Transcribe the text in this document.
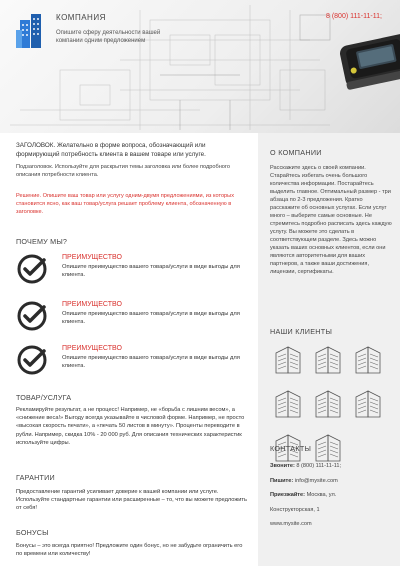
КОМПАНИЯ
Опишите сферу деятельности вашей компании одним предложением
8 (800) 111-11-11;
ЗАГОЛОВОК. Желательно в форме вопроса, обозначающий или формирующий потребность клиента в вашем товаре или услуге.
Подзаголовок. Используйте для раскрытия темы заголовка или более подробного описания потребности клиента.
Решение. Опишите ваш товар или услугу одним-двумя предложениями, из которых становится ясно, как ваш товар/услуга решает проблему клиента, обозначенную в заголовке.
ПОЧЕМУ МЫ?
ПРЕИМУЩЕСТВО
Опишите преимущество вашего товара/услуги в виде выгоды для клиента.
ПРЕИМУЩЕСТВО
Опишите преимущество вашего товара/услуги в виде выгоды для клиента.
ПРЕИМУЩЕСТВО
Опишите преимущество вашего товара/услуги в виде выгоды для клиента.
ТОВАР/УСЛУГА
Рекламируйте результат, а не процесс! Например, не «борьба с лишним весом», а «снижение веса!» Выгоду всегда указывайте в числовой форме. Например, не просто «высокая скорость печати», а «печать 50 листов в минуту». Проценты переводите в рубли. Например, скидка 10% - 20 000 руб. Для описания технических характеристик используйте цифры.
ГАРАНТИИ
Предоставление гарантий усиливает доверие к вашей компании или услуге. Используйте стандартные гарантии или расширенные – то, что вы можете предложить от себя!
БОНУСЫ
Бонусы – это всегда приятно! Предложите один бонус, но не забудьте ограничить его по времени или количеству!
О КОМПАНИИ
Расскажите здесь о своей компании. Старайтесь избегать очень большого количества информации. Постарайтесь выделить главное. Оптимальный размер - три абзаца по 2-3 предложения. Кратко расскажите об основных услугах. Если услуг много – выберите самые основные. Не стремитесь подробно расписать здесь каждую услугу. Вы можете это сделать в соответствующем разделе. Здесь можно указать ваших основных клиентов, если они являются авторитетными для ваших партнеров, а также ваши достижения, лицензии, сертификаты.
НАШИ КЛИЕНТЫ
КОНТАКТЫ
Звоните: 8 (800) 111-11-11;
Пишите: info@mysite.com
Приезжайте: Москва, ул.
Конструкторская, 1
www.mysite.com
